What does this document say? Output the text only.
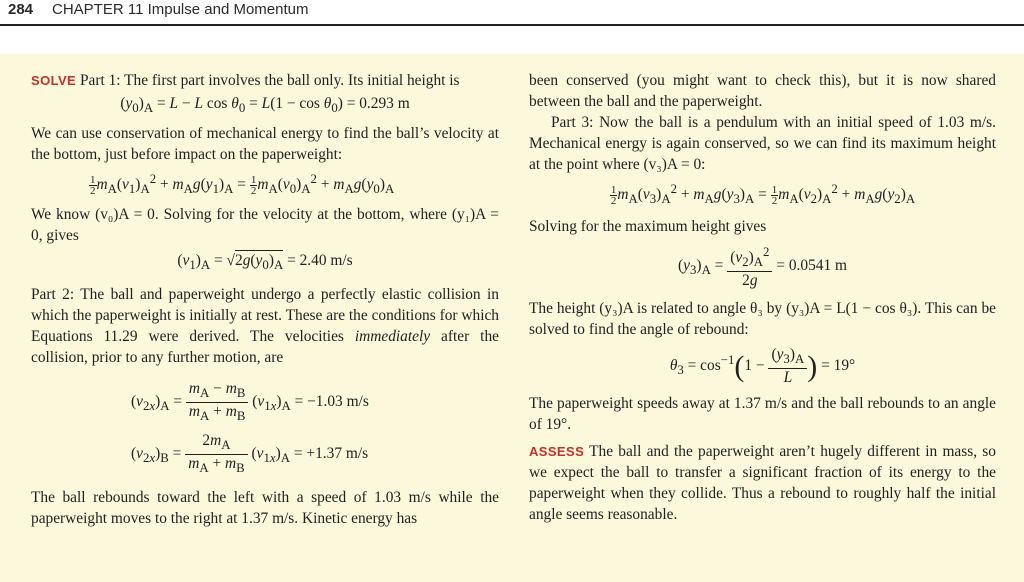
284 CHAPTER 11 Impulse and Momentum

SOLVE Part 1: The first part involves the ball only. Its initial height is

$(y_0)_A = L - L$ $\cos \theta_0 = L(1 - \cos \theta_0) = 0.293$ m

We can use conservation of mechanical energy to find the ball’s velocity at the bottom, just before impact on the paperweight:

$\frac{1}{2} m_A(v_1)_A^2 + m_Ag(y_1)_A = \frac{1}{2} m_A(v_0)_A^2 + m_Ag(y_0)_A$

We know (v₀)A = 0. Solving for the velocity at the bottom, where (y₁)A = 0, gives

$(v_1)_A = √2g(y_0)_A = 2.40$ m/s

Part 2: The ball and paperweight undergo a perfectly elastic collision in which the paperweight is initially at rest. These are the conditions for which Equations 11.29 were derived. The velocities immediately after the collision, prior to any further motion, are

$(v_{2x})_A = \frac{m_A - m_B}{m_A + m_B} (v_{1x})_A = -1.03$ m/s

$(v_{2x})_B = \frac{2m_A}{m_A + m_B} (v_{1x})_A = +1.37$ m/s

The ball rebounds toward the left with a speed of 1.03 m/s while the paperweight moves to the right at 1.37 m/s. Kinetic energy has

been conserved (you might want to check this), but it is now shared between the ball and the paperweight.

Part 3: Now the ball is a pendulum with an initial speed of 1.03 m/s. Mechanical energy is again conserved, so we can find its maximum height at the point where (v₃)A = 0:

$\frac{1}{2} m_A(v_3)_A^2 + m_Ag(y_3)_A = \frac{1}{2} m_A(v_2)_A^2 + m_Ag(y_2)_A$

Solving for the maximum height gives

$(y_3)_A = \frac{(v_2)_A^2}{2g} = 0.0541$ m

The height (y₃)A is related to angle θ₃ by (y₃)A = L(1 − cos θ₃). This can be solved to find the angle of rebound:

$\theta_3 = \cos^{-1}(1 - \frac{(y_3)_A}{L}$ ) = 19°

The paperweight speeds away at 1.37 m/s and the ball rebounds to an angle of 19°.

ASSESS The ball and the paperweight aren’t hugely different in mass, so we expect the ball to transfer a significant fraction of its energy to the paperweight when they collide. Thus a rebound to roughly half the initial angle seems reasonable.
